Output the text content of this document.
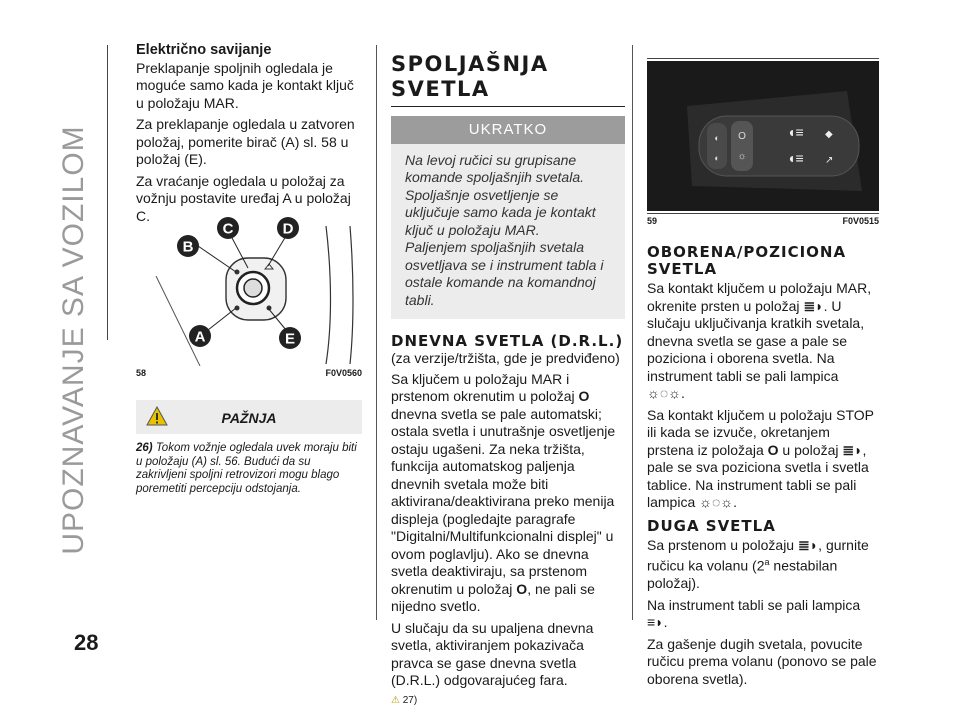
UPOZNAVANJE SA VOZILOM
28

Električno savijanje

Preklapanje spoljnih ogledala je moguće samo kada je kontakt ključ u položaju MAR.

Za preklapanje ogledala u zatvoren položaj, pomerite birač (A) sl. 58 u položaj (E).

Za vraćanje ogledala u položaj za vožnju postavite uređaj A u položaj C.

B
C	D
A	E
58	F0V0560
PAŽNJA

26) Tokom vožnje ogledala uvek moraju biti u položaju (A) sl. 56. Budući da su zakrivljeni spoljni retrovizori mogu blago poremetiti percepciju odstojanja.

SPOLJAŠNJA SVETLA
UKRATKO

Na levoj ručici su grupisane komande spoljašnjih svetala.

Spoljašnje osvetljenje se uključuje samo kada je kontakt ključ u položaju MAR.

Paljenjem spoljašnjih svetala osvetljava se i instrument tabla i ostale komande na komandnoj tabli.

DNEVNA SVETLA (D.R.L.)

(za verzije/tržišta, gde je predviđeno)

Sa ključem u položaju MAR i prstenom okrenutim u položaj O dnevna svetla se pale automatski; ostala svetla i unutrašnje osvetljenje ostaju ugašeni. Za neka tržišta, funkcija automatskog paljenja dnevnih svetala može biti aktivirana/deaktivirana preko menija displeja (pogledajte paragrafe "Digitalni/Multifunkcionalni displej" u ovom poglavlju). Ako se dnevna svetla deaktiviraju, sa prstenom okrenutim u položaj O, ne pali se nijedno svetlo.

U slučaju da su upaljena dnevna svetla, aktiviranjem pokazivača pravca se gase dnevna svetla (D.R.L.) odgovarajućeg fara.

⚠ 27)

◐
◐
O
☼
◖≡
◖≡
◆
↗
59	F0V0515
OBORENA/POZICIONA SVETLA

Sa kontakt ključem u položaju MAR, okrenite prsten u položaj ≣◗. U slučaju uključivanja kratkih svetala, dnevna svetla se gase a pale se poziciona i oborena svetla. Na instrument tabli se pali lampica ☼◌☼.

Sa kontakt ključem u položaju STOP ili kada se izvuče, okretanjem prstena iz položaja O u položaj ≣◗, pale se sva poziciona svetla i svetla tablice. Na instrument tabli se pali lampica ☼◌☼.

DUGA SVETLA

Sa prstenom u položaju ≣◗, gurnite ručicu ka volanu (2$^a$ nestabilan položaj).

Na instrument tabli se pali lampica ≡◗.

Za gašenje dugih svetala, povucite ručicu prema volanu (ponovo se pale oborena svetla).
